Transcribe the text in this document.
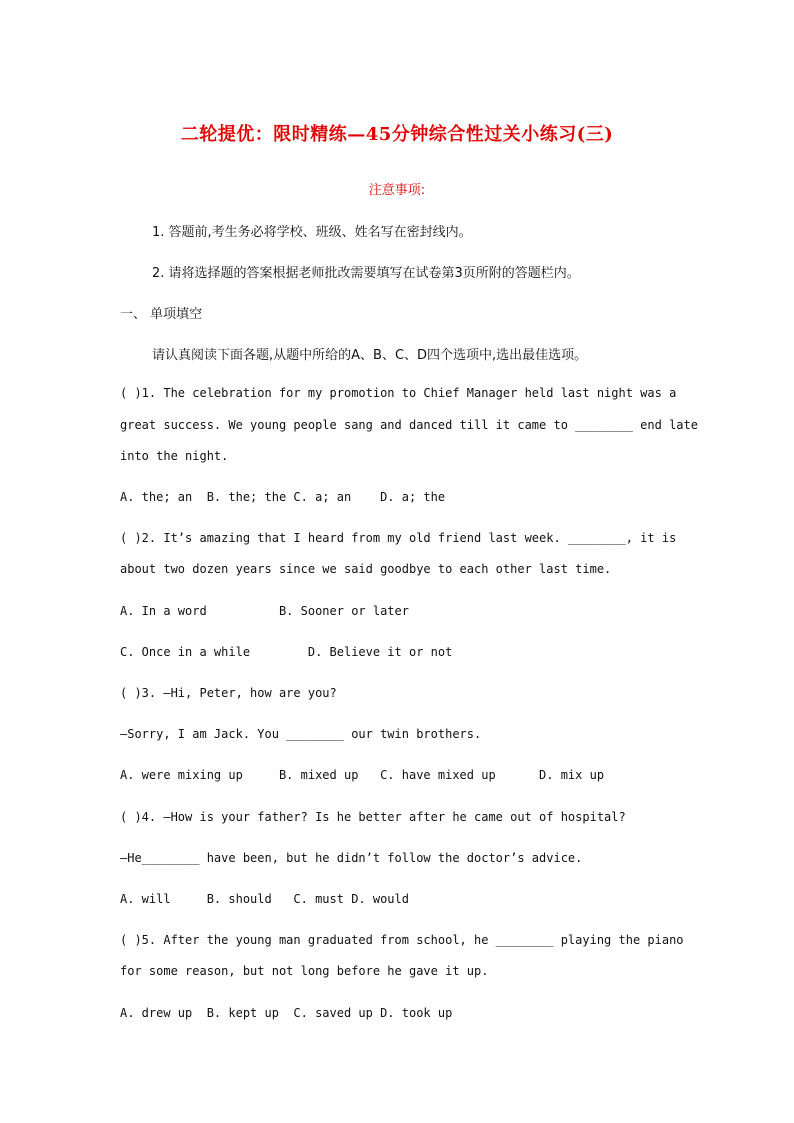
二轮提优：限时精练—45分钟综合性过关小练习(三)
注意事项:
1. 答题前,考生务必将学校、班级、姓名写在密封线内。
2. 请将选择题的答案根据老师批改需要填写在试卷第3页所附的答题栏内。
一、 单项填空
请认真阅读下面各题,从题中所给的A、B、C、D四个选项中,选出最佳选项。
( )1. The celebration for my promotion to Chief Manager held last night was a
great success. We young people sang and danced till it came to ________ end late
into the night.
A. the; an  B. the; the C. a; an    D. a; the
( )2. It’s amazing that I heard from my old friend last week. ________, it is
about two dozen years since we said goodbye to each other last time.
A. In a word          B. Sooner or later
C. Once in a while        D. Believe it or not
( )3. —Hi, Peter, how are you?
—Sorry, I am Jack. You ________ our twin brothers.
A. were mixing up     B. mixed up   C. have mixed up      D. mix up
( )4. —How is your father? Is he better after he came out of hospital?
—He________ have been, but he didn’t follow the doctor’s advice.
A. will     B. should   C. must D. would
( )5. After the young man graduated from school, he ________ playing the piano
for some reason, but not long before he gave it up.
A. drew up  B. kept up  C. saved up D. took up
